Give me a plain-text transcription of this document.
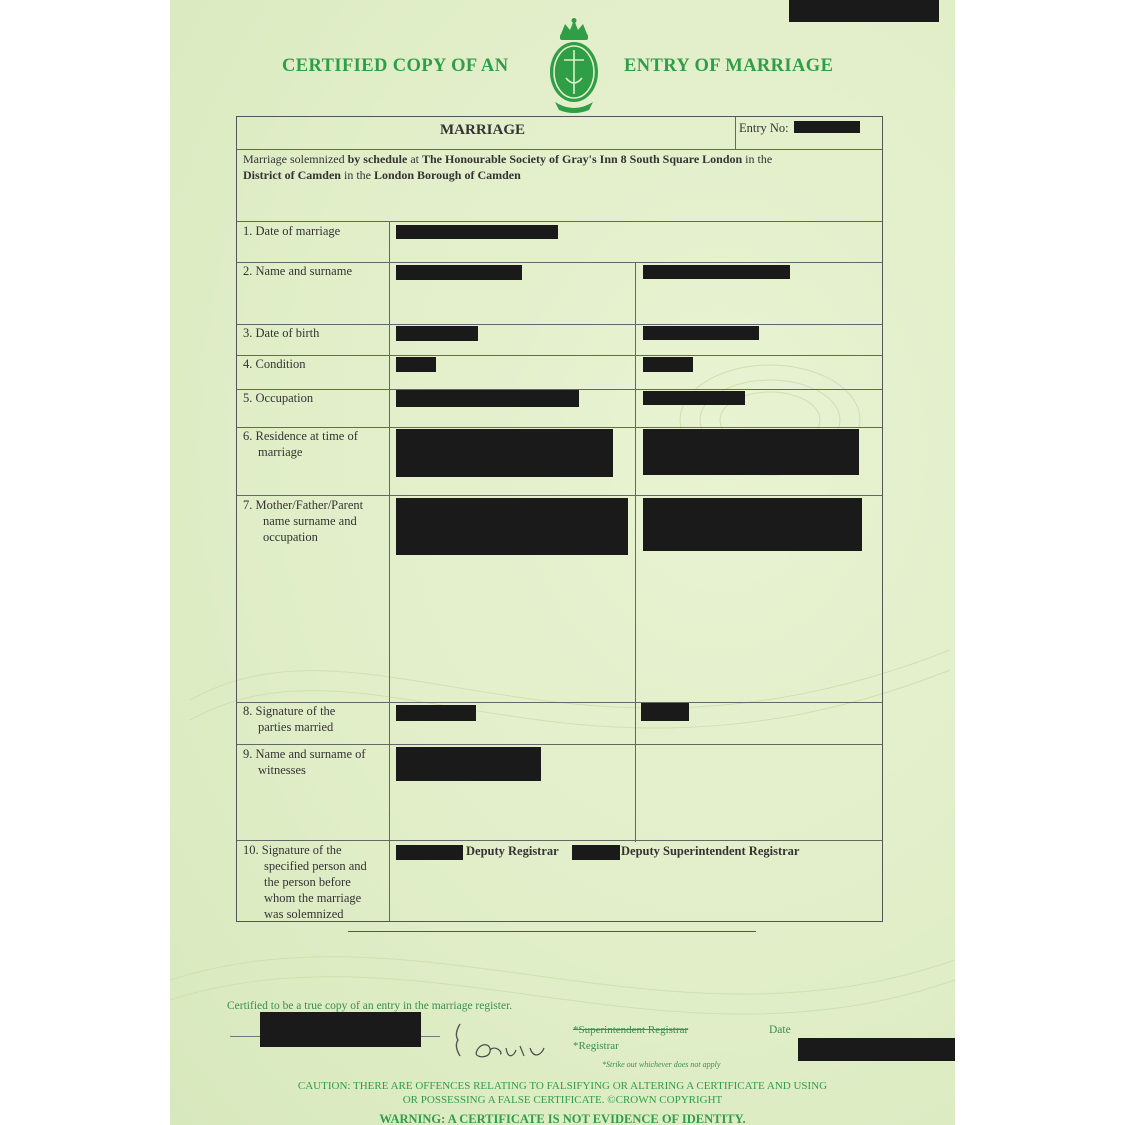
CERTIFIED COPY OF AN	ENTRY OF MARRIAGE
MARRIAGE	Entry No:
Marriage solemnized by schedule at The Honourable Society of Gray's Inn 8 South Square London in the
District of Camden in the London Borough of Camden
1. Date of marriage
2. Name and surname
3. Date of birth
4. Condition
5. Occupation
6. Residence at time of
marriage
7. Mother/Father/Parent
name surname and
occupation
8. Signature of the
parties married
9. Name and surname of
witnesses
10. Signature of the
specified person and
the person before
whom the marriage
was solemnized
Deputy Registrar	Deputy Superintendent Registrar
Certified to be a true copy of an entry in the marriage register.
*Superintendent Registrar
*Registrar
*Strike out whichever does not apply
Date
CAUTION: THERE ARE OFFENCES RELATING TO FALSIFYING OR ALTERING A CERTIFICATE AND USING
OR POSSESSING A FALSE CERTIFICATE. ©CROWN COPYRIGHT
WARNING: A CERTIFICATE IS NOT EVIDENCE OF IDENTITY.
